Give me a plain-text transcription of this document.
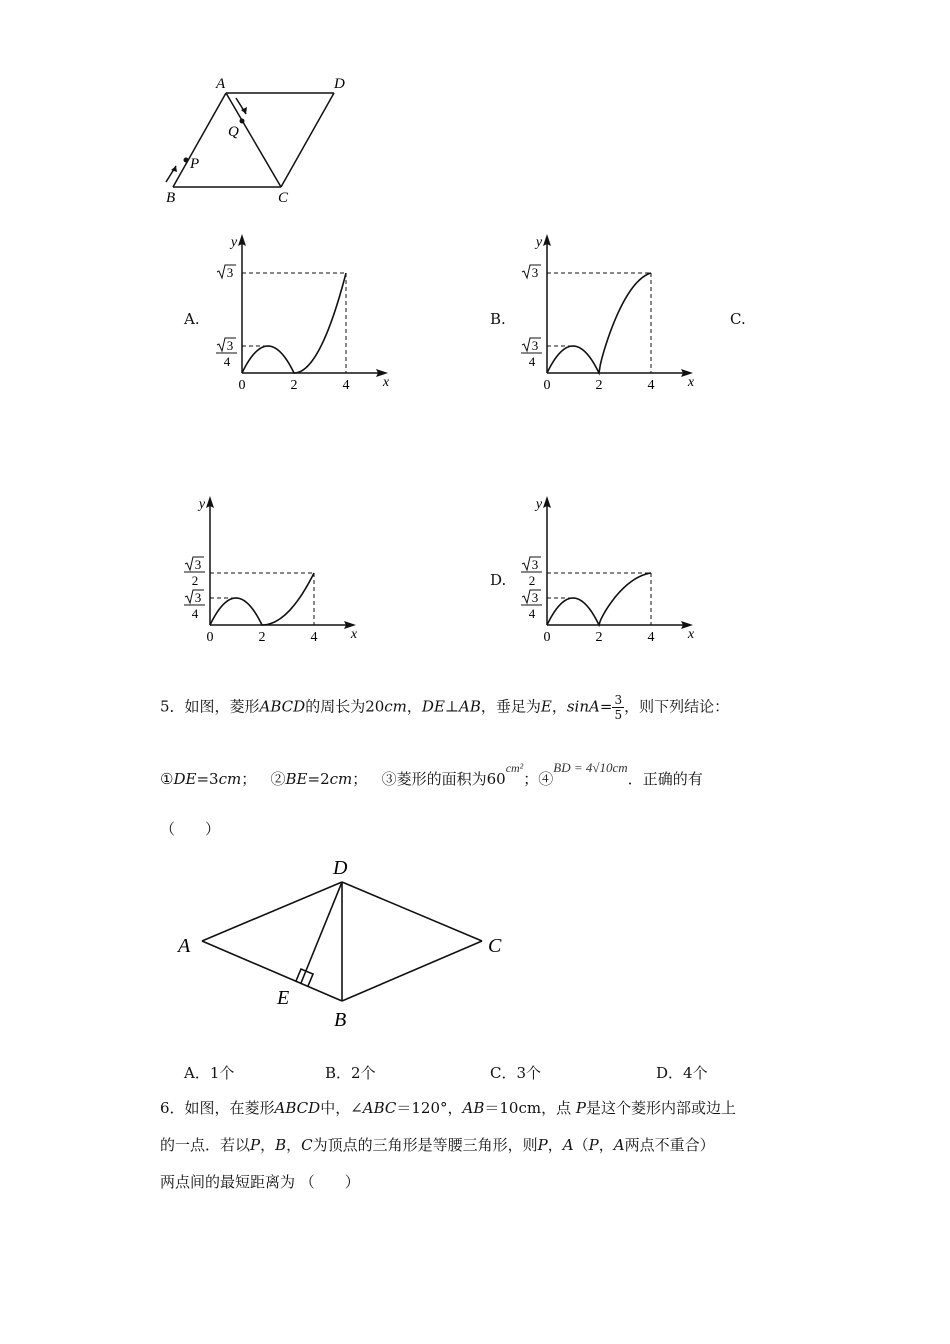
A	D
B	C
P
Q
A.
x
y
0	2	4
3
4
3
B.
x
y
0	2	4
3
4
3
C.
x
y
0	2	4
3
4
3
2	D.
x
y
0	2	4
3
4
3
2
5．如图，菱形ABCD的周长为20cm，DE⊥AB，垂足为E，$\sin A= \frac{3}{5}$ ，则下列结论：
①DE=3cm； ②BE=2cm； ③菱形的面积为$60^{cm^2}$；④BD = 4√10cm．正确的有
（　　）
A
D
C
B
E
A．1个	B．2个	C．3个	D．4个
6．如图，在菱形ABCD中，∠ABC＝120°，AB＝10cm，点 P是这个菱形内部或边上
的一点．若以P，B，C为顶点的三角形是等腰三角形，则P，A（P，A两点不重合）
两点间的最短距离为 （　　）
